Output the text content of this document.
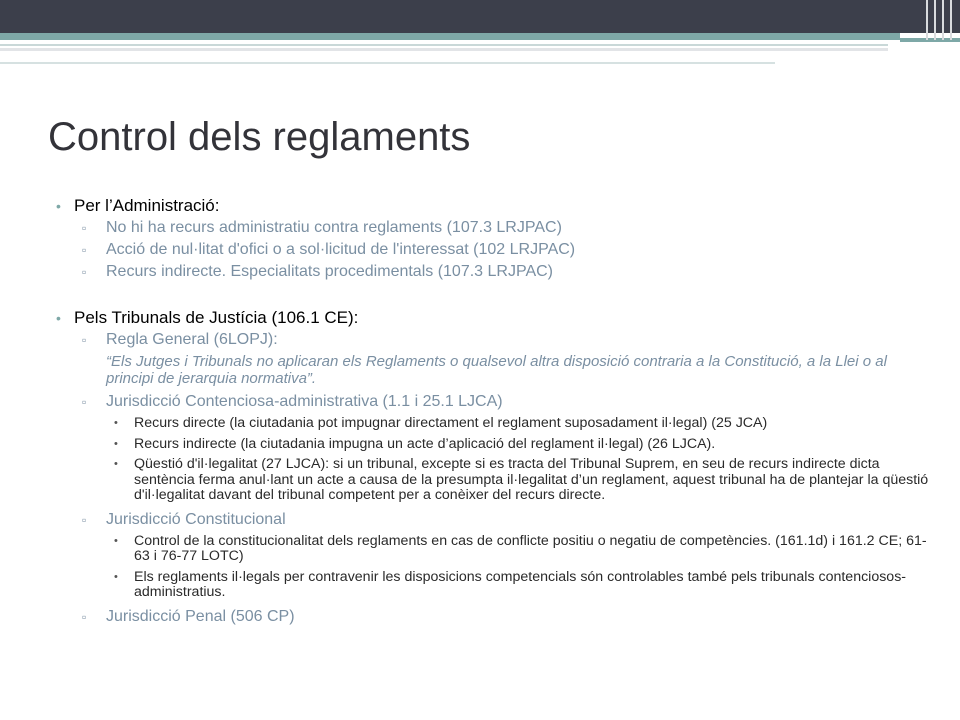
Control dels reglaments
• Per l’Administració:
▫ No hi ha recurs administratiu contra reglaments (107.3 LRJPAC)
▫ Acció de nul·litat d'ofici o a sol·licitud de l'interessat (102 LRJPAC)
▫ Recurs indirecte. Especialitats procedimentals (107.3 LRJPAC)
• Pels Tribunals de Justícia (106.1 CE):
▫ Regla General (6LOPJ):
“Els Jutges i Tribunals no aplicaran els Reglaments o qualsevol altra disposició contraria a la Constitució, a la Llei o al principi de jerarquia normativa”.
▫ Jurisdicció Contenciosa-administrativa (1.1 i 25.1 LJCA)
• Recurs directe (la ciutadania pot impugnar directament el reglament suposadament il·legal) (25 JCA)
• Recurs indirecte (la ciutadania impugna un acte d’aplicació del reglament il·legal) (26 LJCA).
• Qüestió d'il·legalitat (27 LJCA): si un tribunal, excepte si es tracta del Tribunal Suprem, en seu de recurs indirecte dicta sentència ferma anul·lant un acte a causa de la presumpta il·legalitat d’un reglament, aquest tribunal ha de plantejar la qüestió d'il·legalitat davant del tribunal competent per a conèixer del recurs directe.
▫ Jurisdicció Constitucional
• Control de la constitucionalitat dels reglaments en cas de conflicte positiu o negatiu de competències. (161.1d) i 161.2 CE; 61-63 i 76-77 LOTC)
• Els reglaments il·legals per contravenir les disposicions competencials són controlables també pels tribunals contenciosos-administratius.
▫ Jurisdicció Penal (506 CP)
